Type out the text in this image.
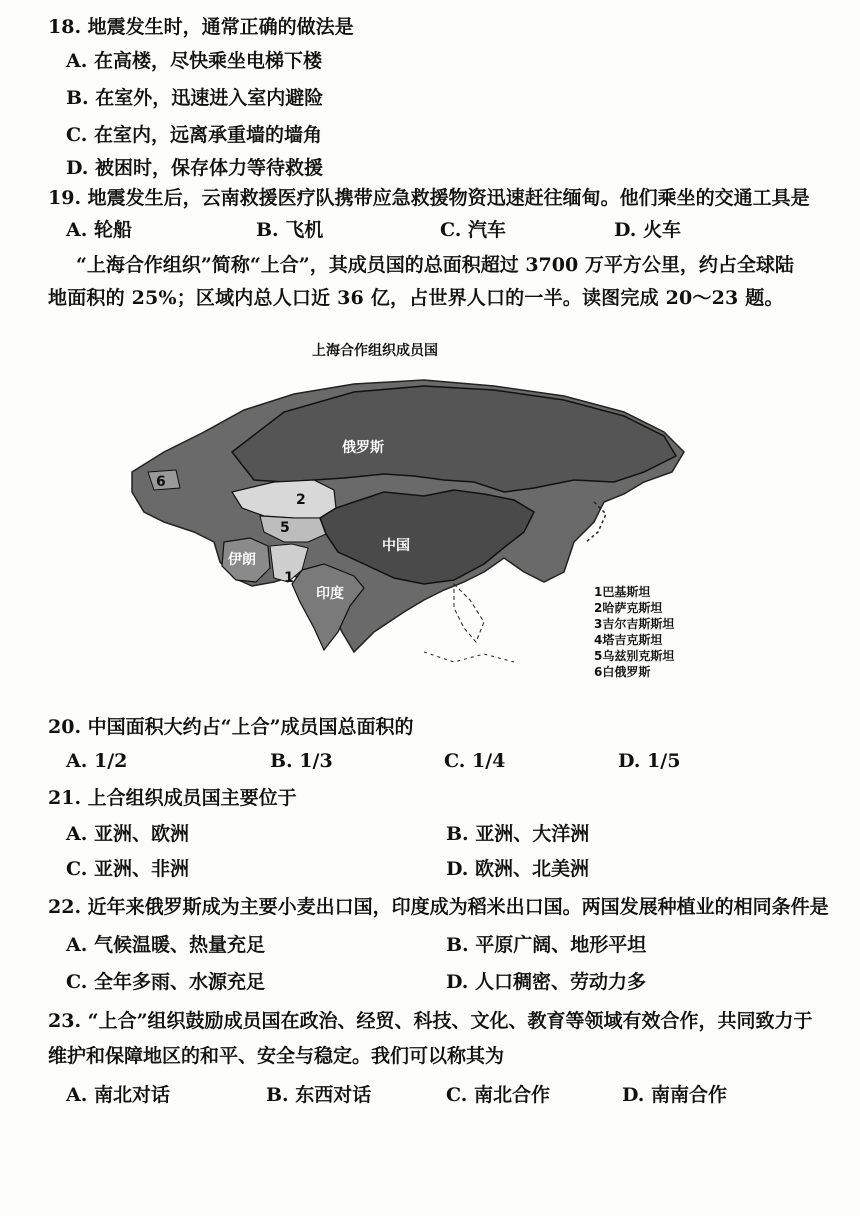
18. 地震发生时，通常正确的做法是
A. 在高楼，尽快乘坐电梯下楼
B. 在室外，迅速进入室内避险
C. 在室内，远离承重墙的墙角
D. 被困时，保存体力等待救援
19. 地震发生后，云南救援医疗队携带应急救援物资迅速赶往缅甸。他们乘坐的交通工具是
A. 轮船	B. 飞机	C. 汽车	D. 火车
“上海合作组织”简称“上合”，其成员国的总面积超过 3700 万平方公里，约占全球陆
地面积的 25%；区域内总人口近 36 亿，占世界人口的一半。读图完成 20～23 题。
上海合作组织成员国
俄罗斯
中国
印度
伊朗
2
5
1
6
1巴基斯坦
2哈萨克斯坦
3吉尔吉斯斯坦
4塔吉克斯坦
5乌兹别克斯坦
6白俄罗斯
20. 中国面积大约占“上合”成员国总面积的
A. 1/2	B. 1/3	C. 1/4	D. 1/5
21. 上合组织成员国主要位于
A. 亚洲、欧洲	B. 亚洲、大洋洲
C. 亚洲、非洲	D. 欧洲、北美洲
22. 近年来俄罗斯成为主要小麦出口国，印度成为稻米出口国。两国发展种植业的相同条件是
A. 气候温暖、热量充足	B. 平原广阔、地形平坦
C. 全年多雨、水源充足	D. 人口稠密、劳动力多
23. “上合”组织鼓励成员国在政治、经贸、科技、文化、教育等领域有效合作，共同致力于
维护和保障地区的和平、安全与稳定。我们可以称其为
A. 南北对话	B. 东西对话	C. 南北合作	D. 南南合作
